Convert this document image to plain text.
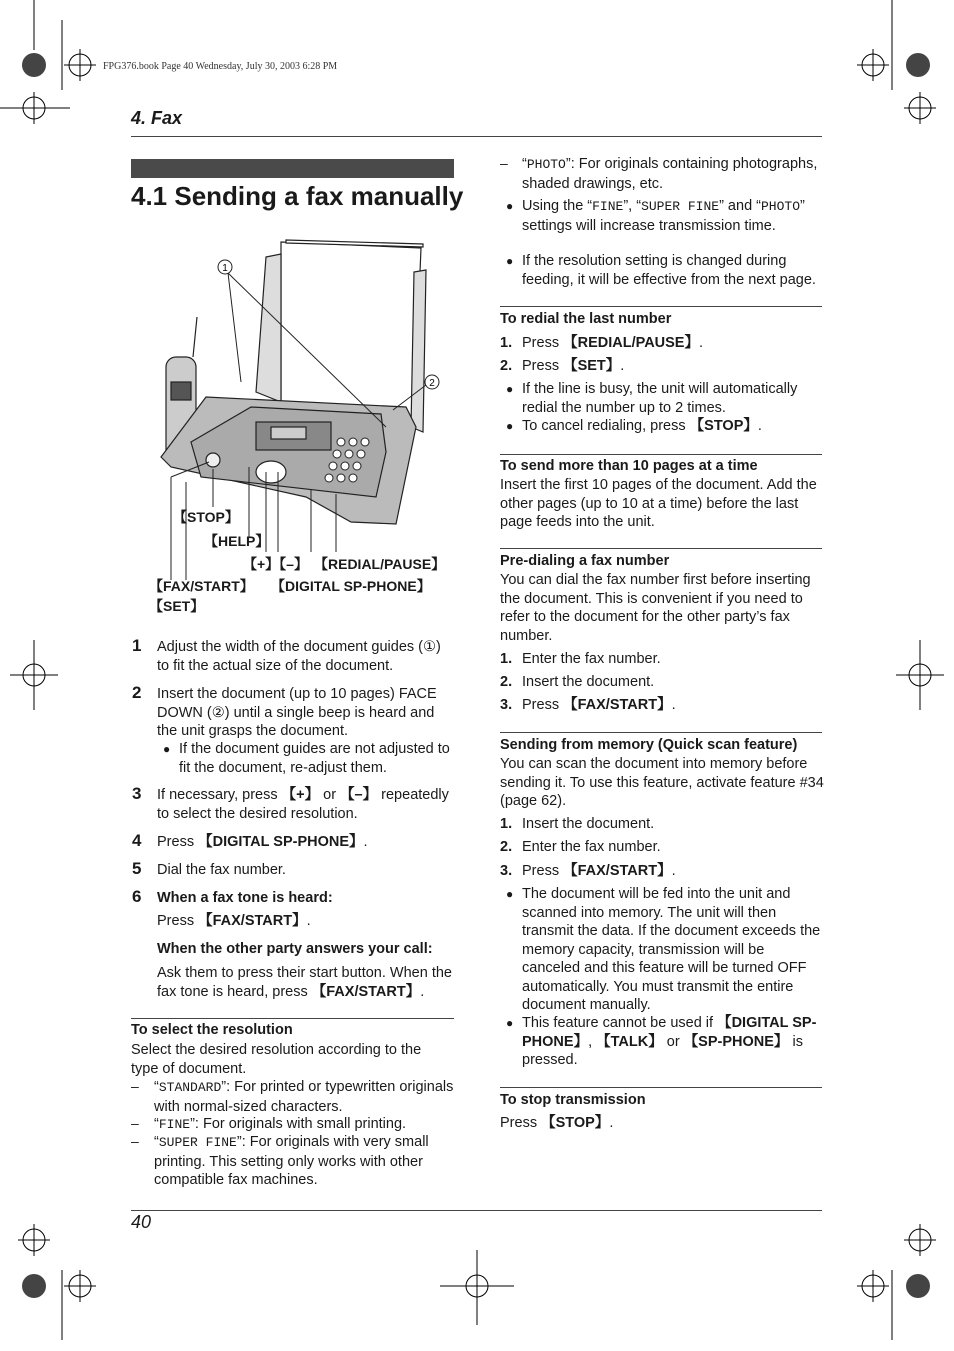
FPG376.book Page 40 Wednesday, July 30, 2003 6:28 PM
4. Fax
4.1 Sending a fax manually
1
2
【STOP】
【HELP】
【+】【–】 【REDIAL/PAUSE】
【FAX/START】 【DIGITAL SP-PHONE】
【SET】
1 Adjust the width of the document guides (①) to fit the actual size of the document.
2 Insert the document (up to 10 pages) FACE DOWN (②) until a single beep is heard and the unit grasps the document.
● If the document guides are not adjusted to fit the document, re-adjust them.
3 If necessary, press 【+】 or 【–】 repeatedly to select the desired resolution.
4 Press 【DIGITAL SP-PHONE】.
5 Dial the fax number.
6 When a fax tone is heard:
Press 【FAX/START】.
When the other party answers your call:
Ask them to press their start button. When the fax tone is heard, press 【FAX/START】.
To select the resolution
Select the desired resolution according to the type of document.
– “STANDARD”: For printed or typewritten originals with normal-sized characters.
– “FINE”: For originals with small printing.
– “SUPER FINE”: For originals with very small printing. This setting only works with other compatible fax machines.
– “PHOTO”: For originals containing photographs, shaded drawings, etc.
● Using the “FINE”, “SUPER FINE” and “PHOTO” settings will increase transmission time.
● If the resolution setting is changed during feeding, it will be effective from the next page.
To redial the last number
1. Press 【REDIAL/PAUSE】.
2. Press 【SET】.
● If the line is busy, the unit will automatically redial the number up to 2 times.
● To cancel redialing, press 【STOP】.
To send more than 10 pages at a time
Insert the first 10 pages of the document. Add the other pages (up to 10 at a time) before the last page feeds into the unit.
Pre-dialing a fax number
You can dial the fax number first before inserting the document. This is convenient if you need to refer to the document for the other party’s fax number.
1. Enter the fax number.
2. Insert the document.
3. Press 【FAX/START】.
Sending from memory (Quick scan feature)
You can scan the document into memory before sending it. To use this feature, activate feature #34 (page 62).
1. Insert the document.
2. Enter the fax number.
3. Press 【FAX/START】.
● The document will be fed into the unit and scanned into memory. The unit will then transmit the data. If the document exceeds the memory capacity, transmission will be canceled and this feature will be turned OFF automatically. You must transmit the entire document manually.
● This feature cannot be used if 【DIGITAL SP-PHONE】, 【TALK】 or 【SP-PHONE】 is pressed.
To stop transmission
Press 【STOP】.
40
